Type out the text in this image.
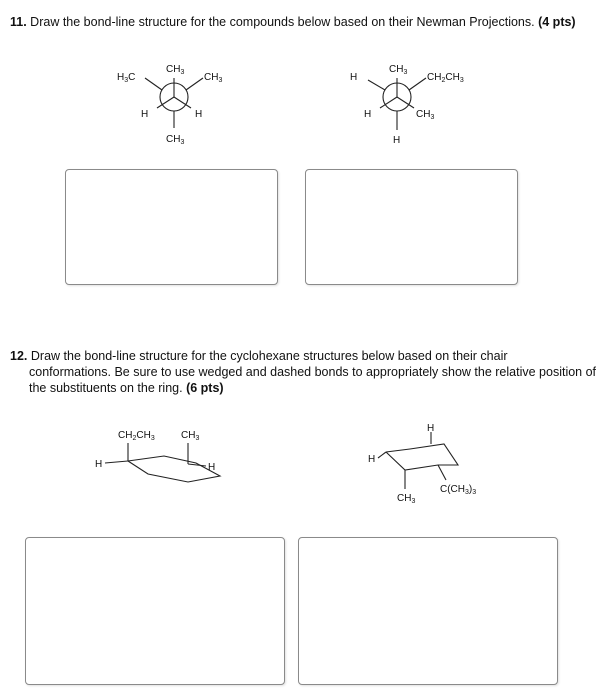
11. Draw the bond-line structure for the compounds below based on their Newman Projections. (4 pts)
$CH_3$
H	H
$H_3C$	$CH_3$
$CH_3$
$CH_3$
H	$CH_3$
H	$CH_2CH_3$
H
$CH_2CH_3$	$CH_3$
H	H
H
H
$CH_3$
$C(CH_3)_3$
12. Draw the bond-line structure for the cyclohexane structures below based on their chair
conformations. Be sure to use wedged and dashed bonds to appropriately show the relative position of
the substituents on the ring. (6 pts)
